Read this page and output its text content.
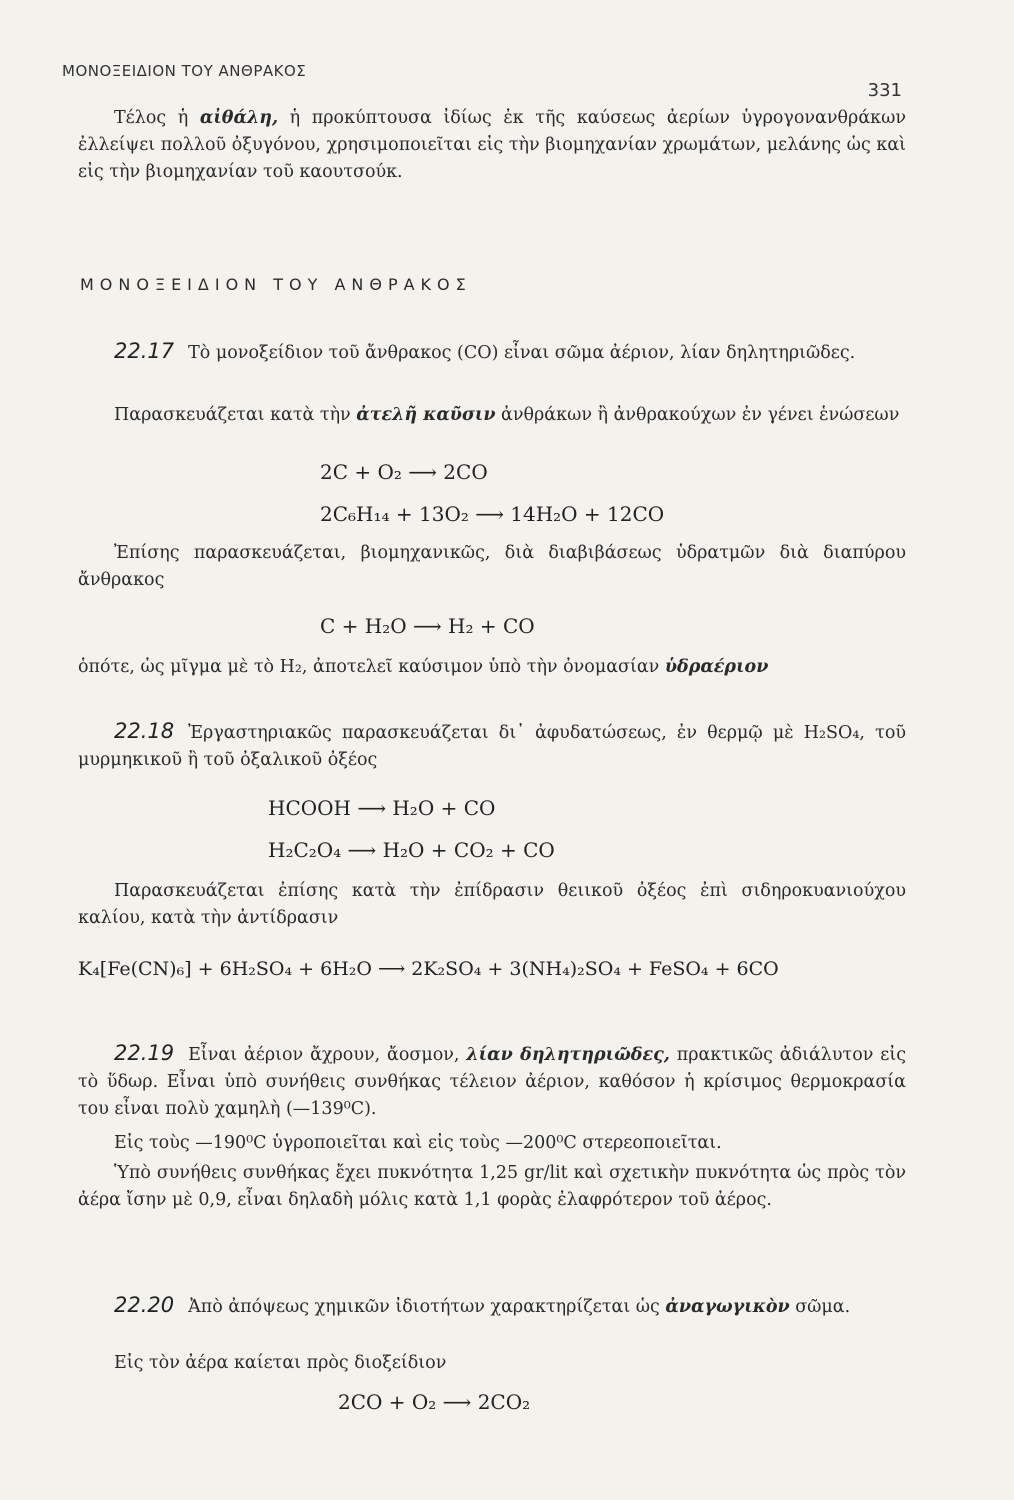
ΜΟΝΟΞΕΙΔΙΟΝ ΤΟΥ ΑΝΘΡΑΚΟΣ
331
Τέλος ἡ αἰθάλη, ἡ προκύπτουσα ἰδίως ἐκ τῆς καύσεως ἀερίων ὑγρογονανθράκων ἐλλείψει πολλοῦ ὀξυγόνου, χρησιμοποιεῖται εἰς τὴν βιομηχανίαν χρωμάτων, μελάνης ὡς καὶ εἰς τὴν βιομηχανίαν τοῦ καουτσούκ.
ΜΟΝΟΞΕΙΔΙΟΝ ΤΟΥ ΑΝΘΡΑΚΟΣ
22.17 Τὸ μονοξείδιον τοῦ ἄνθρακος (CO) εἶναι σῶμα ἀέριον, λίαν δηλητηριῶδες.
Παρασκευάζεται κατὰ τὴν ἀτελῆ καῦσιν ἀνθράκων ἢ ἀνθρακούχων ἐν γένει ἑνώσεων
2C + O₂ ⟶ 2CO
2C₆H₁₄ + 13O₂ ⟶ 14H₂O + 12CO
Ἐπίσης παρασκευάζεται, βιομηχανικῶς, διὰ διαβιβάσεως ὑδρατμῶν διὰ διαπύρου ἄνθρακος
C + H₂O ⟶ H₂ + CO
ὁπότε, ὡς μῖγμα μὲ τὸ H₂, ἀποτελεῖ καύσιμον ὑπὸ τὴν ὀνομασίαν ὑδραέριον
22.18 Ἐργαστηριακῶς παρασκευάζεται δι᾽ ἀφυδατώσεως, ἐν θερμῷ μὲ H₂SO₄, τοῦ μυρμηκικοῦ ἢ τοῦ ὀξαλικοῦ ὀξέος
HCOOH ⟶ H₂O + CO
H₂C₂O₄ ⟶ H₂O + CO₂ + CO
Παρασκευάζεται ἐπίσης κατὰ τὴν ἐπίδρασιν θειικοῦ ὀξέος ἐπὶ σιδηροκυανιούχου καλίου, κατὰ τὴν ἀντίδρασιν
K₄[Fe(CN)₆] + 6H₂SO₄ + 6H₂O ⟶ 2K₂SO₄ + 3(NH₄)₂SO₄ + FeSO₄ + 6CO
22.19 Εἶναι ἀέριον ἄχρουν, ἄοσμον, λίαν δηλητηριῶδες, πρακτικῶς ἀδιάλυτον εἰς τὸ ὕδωρ. Εἶναι ὑπὸ συνήθεις συνθήκας τέλειον ἀέριον, καθόσον ἡ κρίσιμος θερμοκρασία του εἶναι πολὺ χαμηλὴ (—139⁰C).
Εἰς τοὺς —190⁰C ὑγροποιεῖται καὶ εἰς τοὺς —200⁰C στερεοποιεῖται.
Ὑπὸ συνήθεις συνθήκας ἔχει πυκνότητα 1,25 gr/lit καὶ σχετικὴν πυκνότητα ὡς πρὸς τὸν ἀέρα ἴσην μὲ 0,9, εἶναι δηλαδὴ μόλις κατὰ 1,1 φορὰς ἐλαφρότερον τοῦ ἀέρος.
22.20 Ἀπὸ ἀπόψεως χημικῶν ἰδιοτήτων χαρακτηρίζεται ὡς ἀναγωγικὸν σῶμα.
Εἰς τὸν ἀέρα καίεται πρὸς διοξείδιον
2CO + O₂ ⟶ 2CO₂
